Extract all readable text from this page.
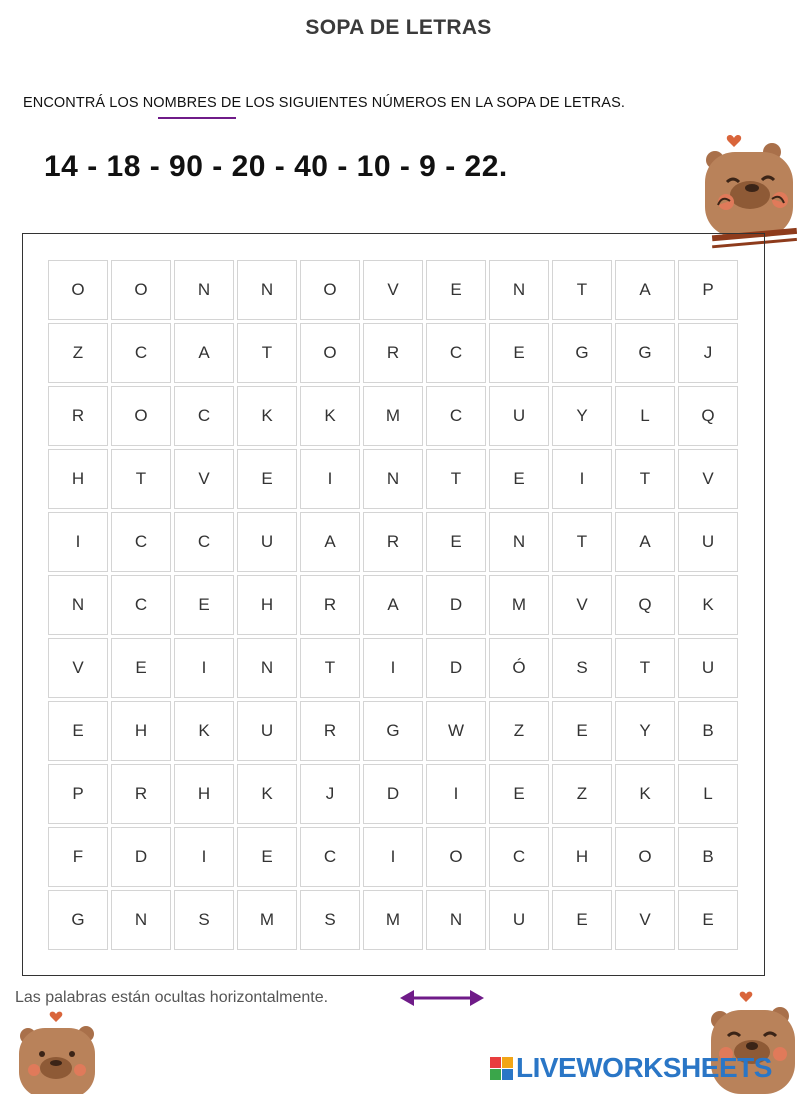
SOPA DE LETRAS
ENCONTRÁ LOS NOMBRES DE LOS SIGUIENTES NÚMEROS EN LA SOPA DE LETRAS.
14 - 18 - 90 - 20 - 40 - 10 - 9 - 22.
O	O	N	N	O	V	E	N	T	A	P
Z	C	A	T	O	R	C	E	G	G	J
R	O	C	K	K	M	C	U	Y	L	Q
H	T	V	E	I	N	T	E	I	T	V
I	C	C	U	A	R	E	N	T	A	U
N	C	E	H	R	A	D	M	V	Q	K
V	E	I	N	T	I	D	Ó	S	T	U
E	H	K	U	R	G	W	Z	E	Y	B
P	R	H	K	J	D	I	E	Z	K	L
F	D	I	E	C	I	O	C	H	O	B
G	N	S	M	S	M	N	U	E	V	E
Las palabras están ocultas horizontalmente.
LIVEWORKSHEETS
